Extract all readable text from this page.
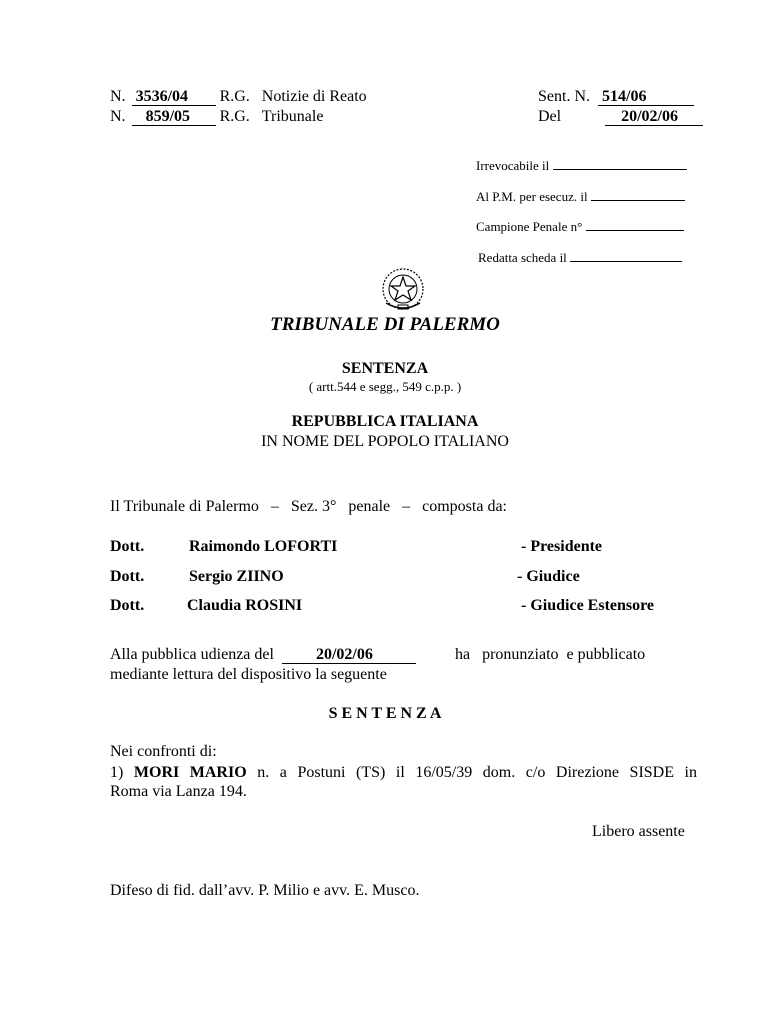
N. 3536/04 R.G. Notizie di Reato
N. 859/05 R.G. Tribunale
Sent. N. 514/06
Del	20/02/06
Irrevocabile il
Al P.M. per esecuz. il
Campione Penale n°
Redatta scheda il
TRIBUNALE DI PALERMO
SENTENZA
( artt.544 e segg., 549 c.p.p. )
REPUBBLICA ITALIANA
IN NOME DEL POPOLO ITALIANO
Il Tribunale di Palermo   –   Sez. 3°   penale   –   composta da:
Dott.	Raimondo LOFORTI	- Presidente
Dott.	Sergio ZIINO	- Giudice
Dott.	Claudia ROSINI	- Giudice Estensore
Alla pubblica udienza del	20/02/06	ha   pronunziato  e pubblicato
mediante lettura del dispositivo la seguente
S E N T E N Z A
Nei confronti di:
1) MORI MARIO n. a Postuni (TS) il 16/05/39 dom. c/o Direzione SISDE in
Roma via Lanza 194.
Libero assente
Difeso di fid. dall’avv. P. Milio e avv. E. Musco.
